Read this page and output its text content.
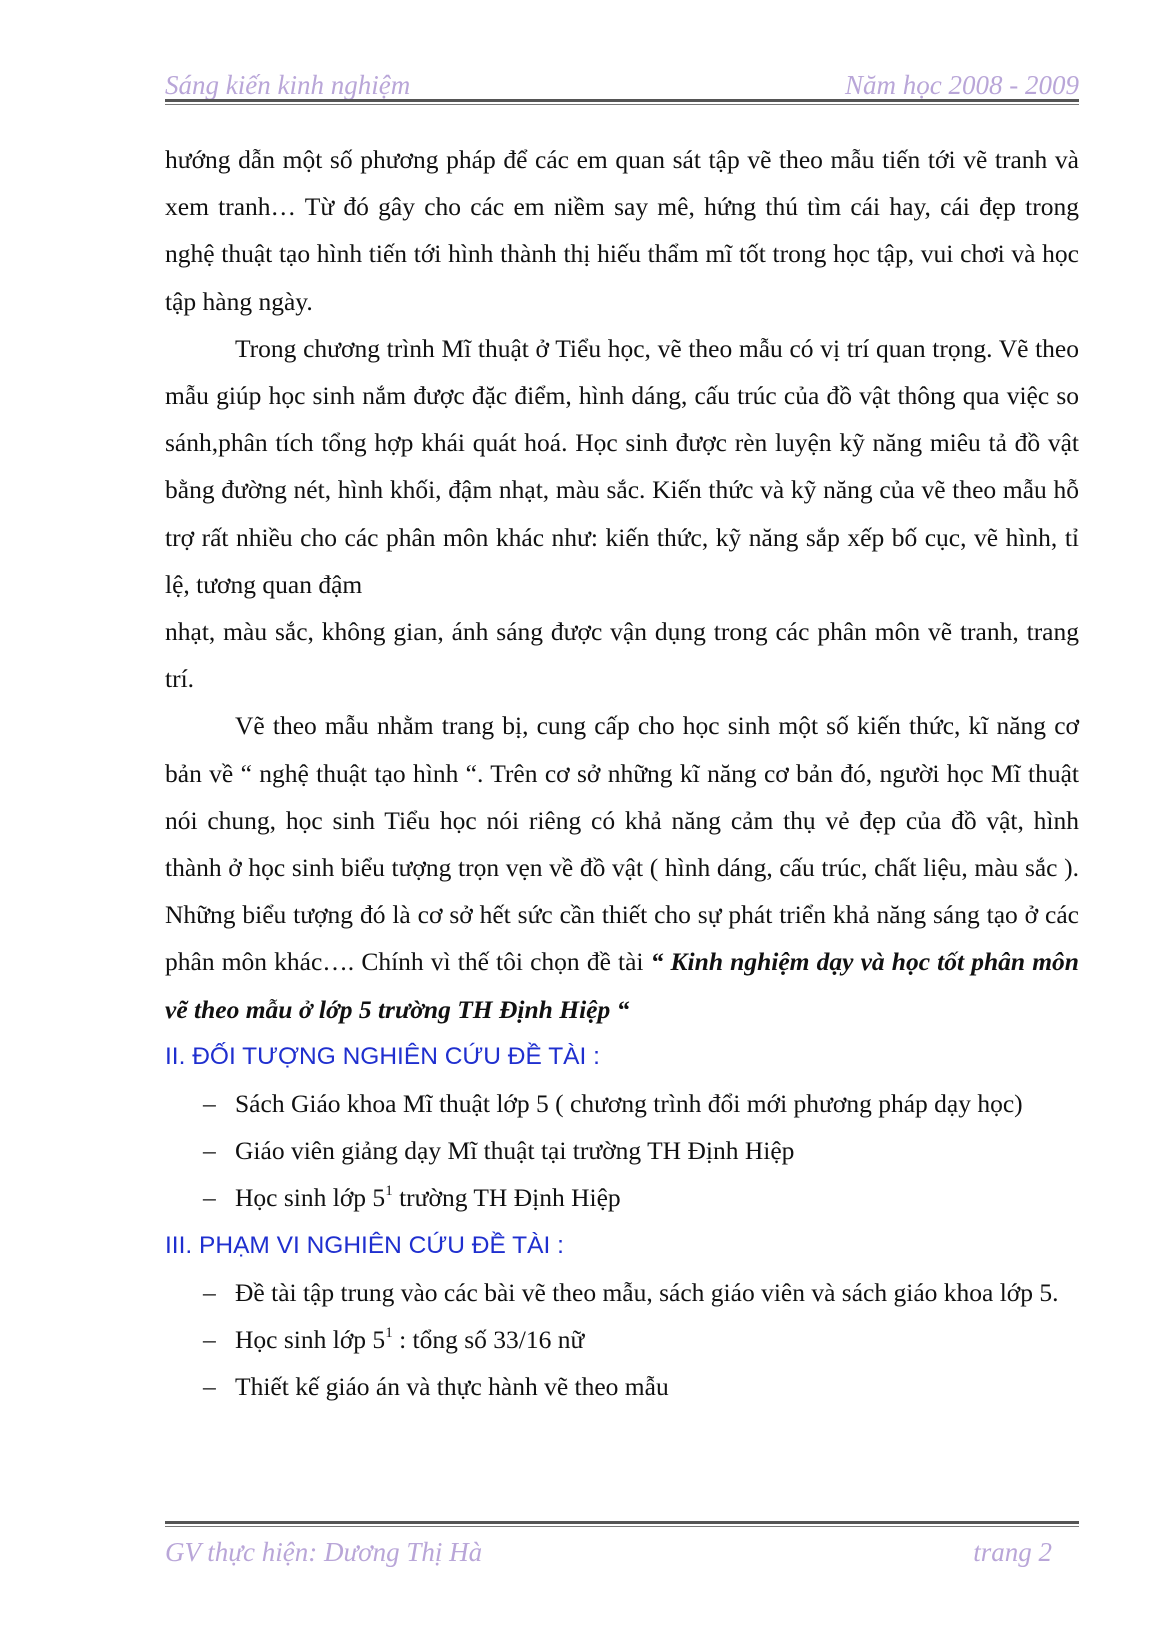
Sáng kiến kinh nghiệm	Năm học 2008 - 2009

hướng dẫn một số phương pháp để các em quan sát tập vẽ theo mẫu tiến tới vẽ tranh và xem tranh… Từ đó gây cho các em niềm say mê, hứng thú tìm cái hay, cái đẹp trong nghệ thuật tạo hình tiến tới hình thành thị hiếu thẩm mĩ tốt trong học tập, vui chơi và học tập hàng ngày.

Trong chương trình Mĩ thuật ở Tiểu học, vẽ theo mẫu có vị trí quan trọng. Vẽ theo mẫu giúp học sinh nắm được đặc điểm, hình dáng, cấu trúc của đồ vật thông qua việc so sánh,phân tích tổng hợp khái quát hoá. Học sinh được rèn luyện kỹ năng miêu tả đồ vật bằng đường nét, hình khối, đậm nhạt, màu sắc. Kiến thức và kỹ năng của vẽ theo mẫu hỗ trợ rất nhiều cho các phân môn khác như: kiến thức, kỹ năng sắp xếp bố cục, vẽ hình, tỉ lệ, tương quan đậm

nhạt, màu sắc, không gian, ánh sáng được vận dụng trong các phân môn vẽ tranh, trang trí.

Vẽ theo mẫu nhằm trang bị, cung cấp cho học sinh một số kiến thức, kĩ năng cơ bản về “ nghệ thuật tạo hình “. Trên cơ sở những kĩ năng cơ bản đó, người học Mĩ thuật nói chung, học sinh Tiểu học nói riêng có khả năng cảm thụ vẻ đẹp của đồ vật, hình thành ở học sinh biểu tượng trọn vẹn về đồ vật ( hình dáng, cấu trúc, chất liệu, màu sắc ). Những biểu tượng đó là cơ sở hết sức cần thiết cho sự phát triển khả năng sáng tạo ở các phân môn khác…. Chính vì thế tôi chọn đề tài “ Kinh nghiệm dạy và học tốt phân môn vẽ theo mẫu ở lớp 5 trường TH Định Hiệp “

II. ĐỐI TƯỢNG NGHIÊN CỨU ĐỀ TÀI :

– Sách Giáo khoa Mĩ thuật lớp 5 ( chương trình đổi mới phương pháp dạy học)

– Giáo viên giảng dạy Mĩ thuật tại trường TH Định Hiệp

– Học sinh lớp $5^1$ trường TH Định Hiệp

III. PHẠM VI NGHIÊN CỨU ĐỀ TÀI :

– Đề tài tập trung vào các bài vẽ theo mẫu, sách giáo viên và sách giáo khoa lớp 5.

– Học sinh lớp $5^1$ : tổng số 33/16 nữ

– Thiết kế giáo án và thực hành vẽ theo mẫu

GV thực hiện: Dương Thị Hà	trang 2
